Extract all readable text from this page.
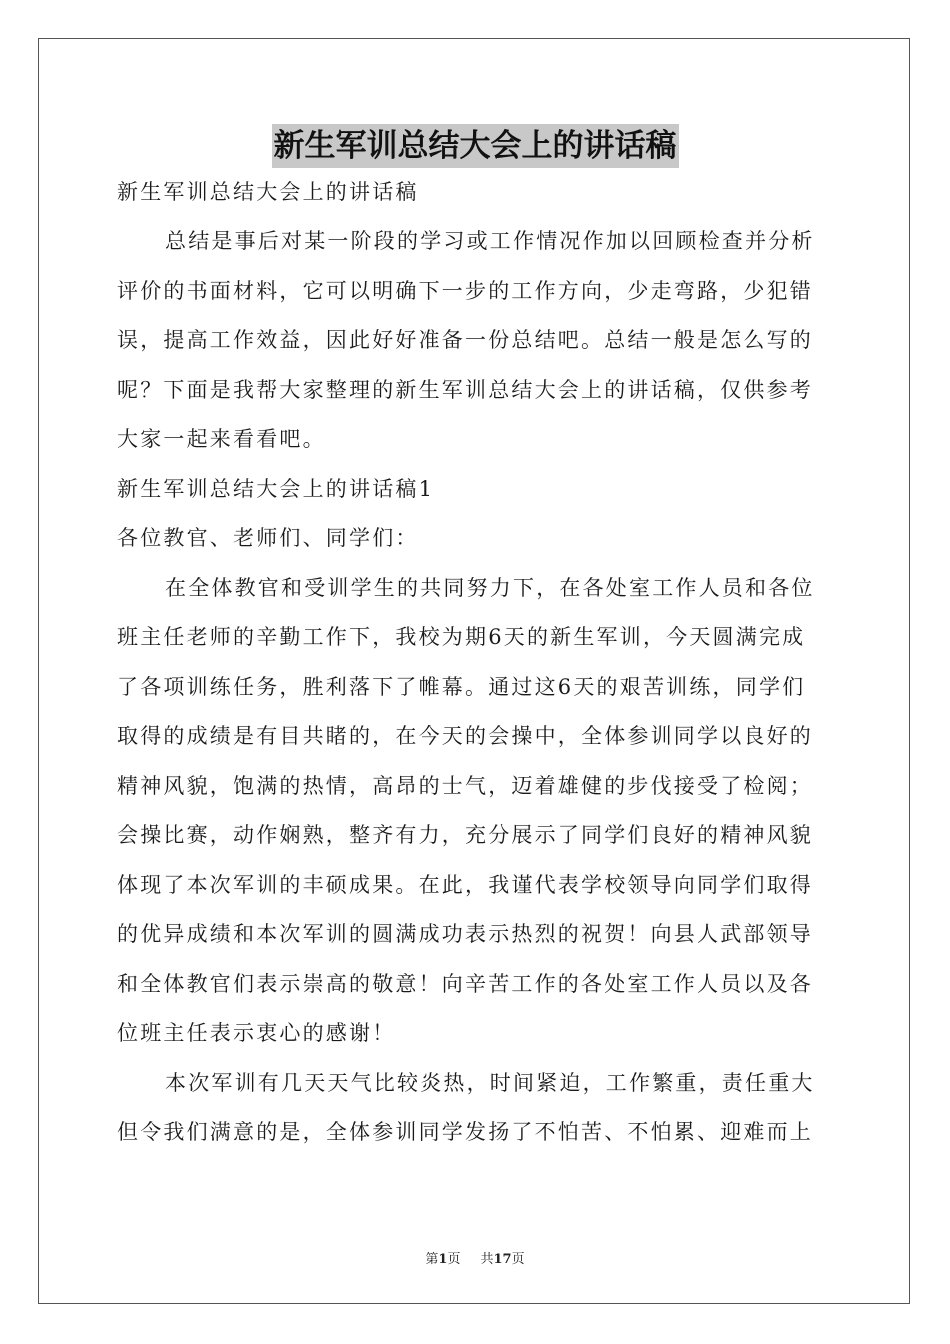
新生军训总结大会上的讲话稿
新生军训总结大会上的讲话稿
总结是事后对某一阶段的学习或工作情况作加以回顾检查并分析
评价的书面材料，它可以明确下一步的工作方向，少走弯路，少犯错
误，提高工作效益，因此好好准备一份总结吧。总结一般是怎么写的
呢？下面是我帮大家整理的新生军训总结大会上的讲话稿，仅供参考
大家一起来看看吧。
新生军训总结大会上的讲话稿1
各位教官、老师们、同学们：
在全体教官和受训学生的共同努力下，在各处室工作人员和各位
班主任老师的辛勤工作下，我校为期6天的新生军训，今天圆满完成
了各项训练任务，胜利落下了帷幕。通过这6天的艰苦训练，同学们
取得的成绩是有目共睹的，在今天的会操中，全体参训同学以良好的
精神风貌，饱满的热情，高昂的士气，迈着雄健的步伐接受了检阅；
会操比赛，动作娴熟，整齐有力，充分展示了同学们良好的精神风貌
体现了本次军训的丰硕成果。在此，我谨代表学校领导向同学们取得
的优异成绩和本次军训的圆满成功表示热烈的祝贺！向县人武部领导
和全体教官们表示崇高的敬意！向辛苦工作的各处室工作人员以及各
位班主任表示衷心的感谢！
本次军训有几天天气比较炎热，时间紧迫，工作繁重，责任重大
但令我们满意的是，全体参训同学发扬了不怕苦、不怕累、迎难而上
第1页 共17页
